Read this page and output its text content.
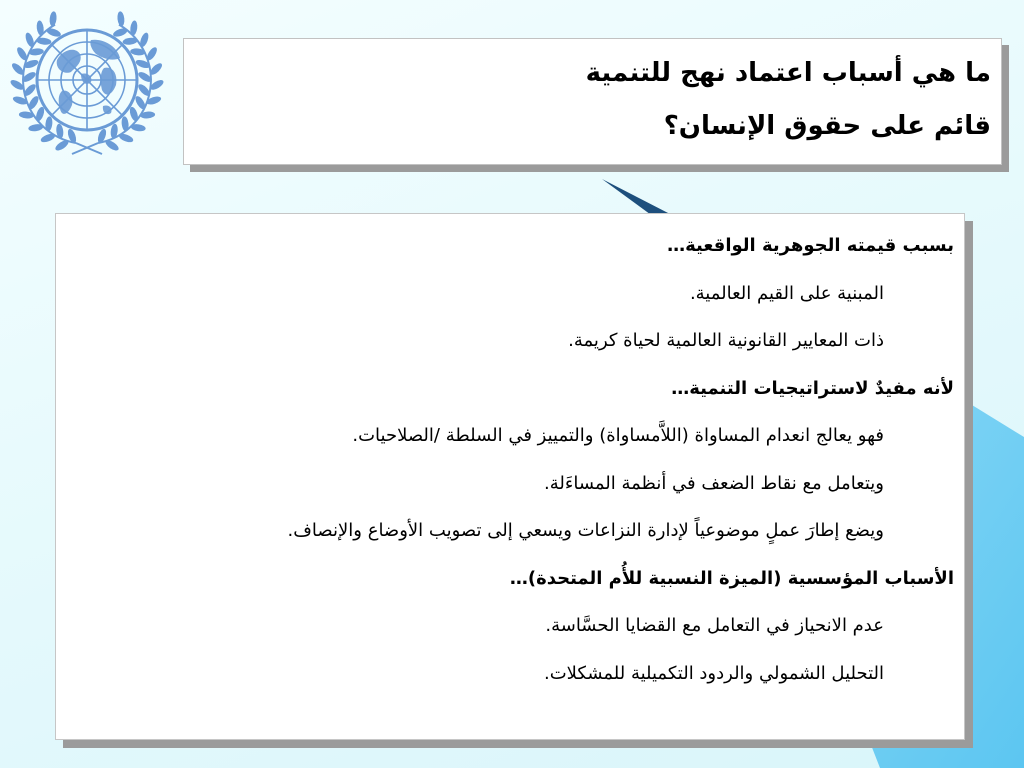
ما هي أسباب اعتماد نهج للتنمية
قائم على حقوق الإنسان؟
بسبب قيمته الجوهرية الواقعية…
المبنية على القيم العالمية.
ذات المعايير القانونية العالمية لحياة كريمة.
لأنه مفيدٌ لاستراتيجيات التنمية…
فهو يعالج انعدام المساواة (اللاَّمساواة) والتمييز في السلطة /الصلاحيات.
ويتعامل مع نقاط الضعف في أنظمة المساءَلة.
ويضع إطارَ عملٍ موضوعياً لإدارة النزاعات ويسعي إلى تصويب الأوضاع والإنصاف.
الأسباب المؤسسية (الميزة النسبية للأُم المتحدة)…
عدم الانحياز في التعامل مع القضايا الحسَّاسة.
التحليل الشمولي والردود التكميلية للمشكلات.
